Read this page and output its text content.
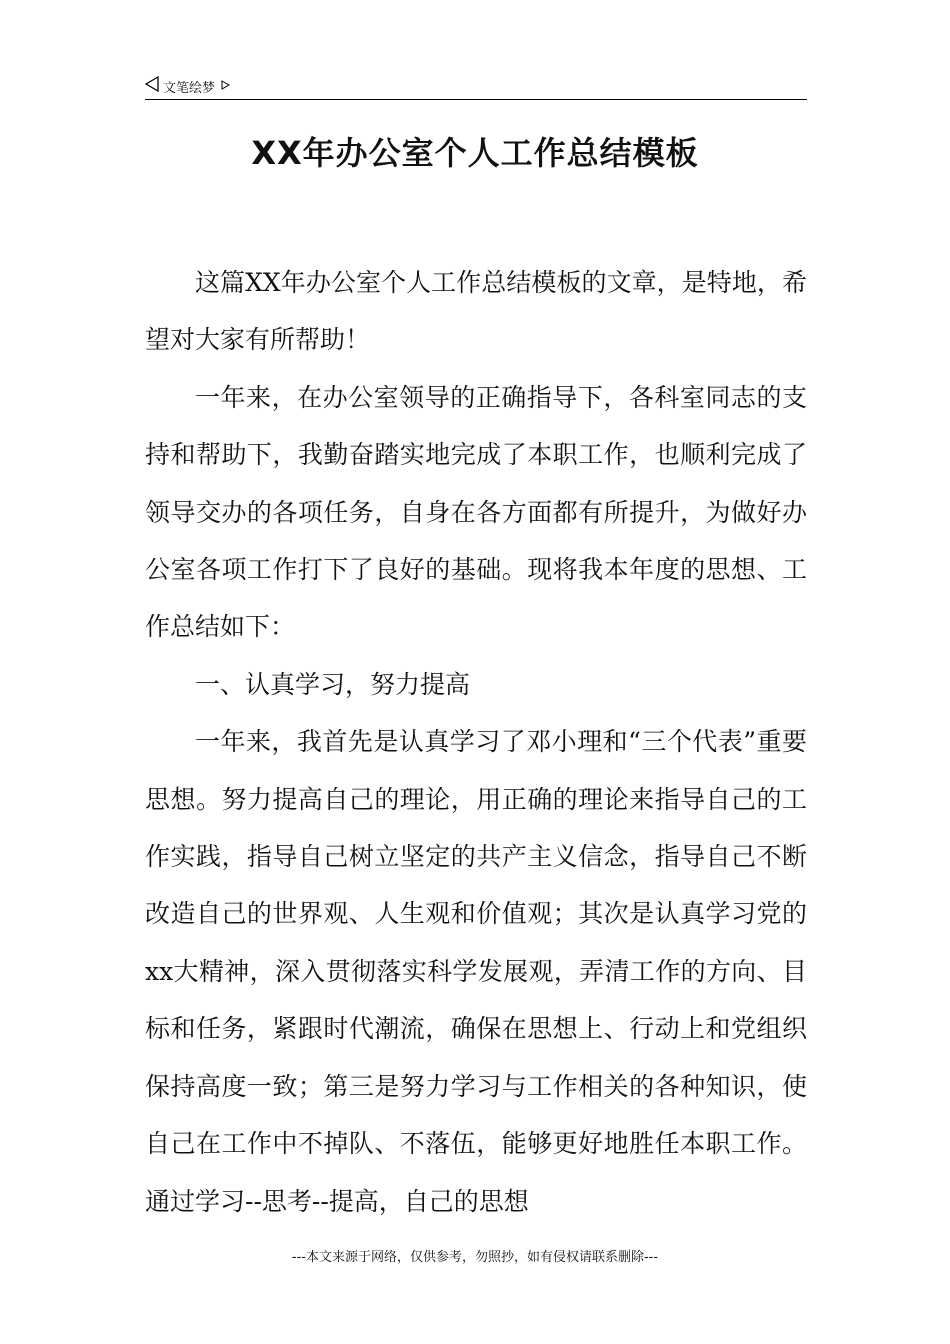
文笔绘梦
XX年办公室个人工作总结模板

这篇XX年办公室个人工作总结模板的文章，是特地，希望对大家有所帮助！

一年来，在办公室领导的正确指导下，各科室同志的支持和帮助下，我勤奋踏实地完成了本职工作，也顺利完成了领导交办的各项任务，自身在各方面都有所提升，为做好办公室各项工作打下了良好的基础。现将我本年度的思想、工作总结如下：

一、认真学习，努力提高

一年来，我首先是认真学习了邓小理和“三个代表”重要思想。努力提高自己的理论，用正确的理论来指导自己的工作实践，指导自己树立坚定的共产主义信念，指导自己不断改造自己的世界观、人生观和价值观；其次是认真学习党的xx大精神，深入贯彻落实科学发展观，弄清工作的方向、目标和任务，紧跟时代潮流，确保在思想上、行动上和党组织保持高度一致；第三是努力学习与工作相关的各种知识，使自己在工作中不掉队、不落伍，能够更好地胜任本职工作。通过学习--思考--提高，自己的思想

---本文来源于网络，仅供参考，勿照抄，如有侵权请联系删除---
